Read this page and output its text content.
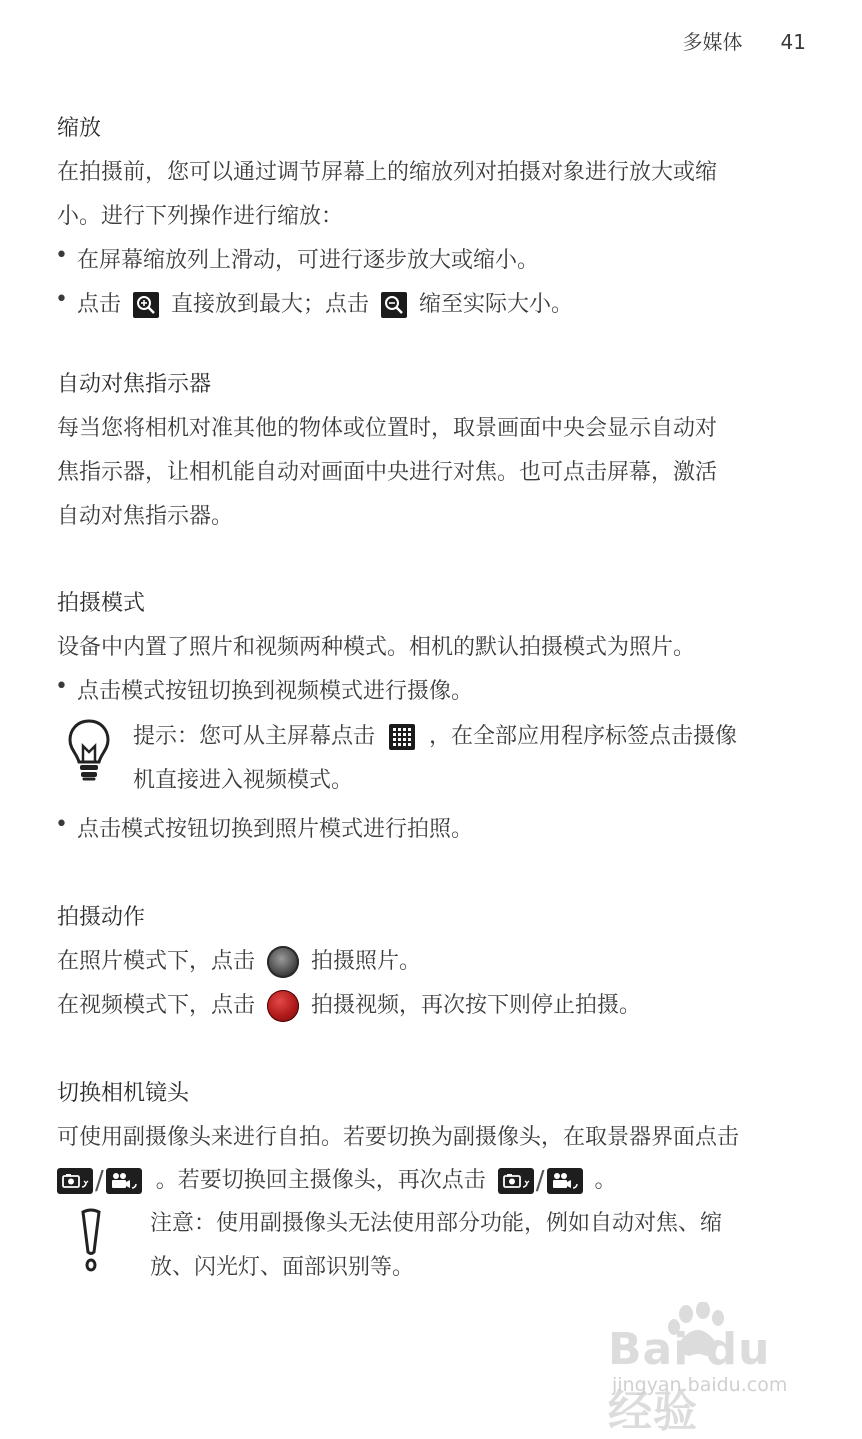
多媒体 41
缩放
在拍摄前，您可以通过调节屏幕上的缩放列对拍摄对象进行放大或缩
小。进行下列操作进行缩放：
• 在屏幕缩放列上滑动，可进行逐步放大或缩小。
• 点击 直接放到最大；点击 缩至实际大小。
自动对焦指示器
每当您将相机对准其他的物体或位置时，取景画面中央会显示自动对
焦指示器，让相机能自动对画面中央进行对焦。也可点击屏幕，激活
自动对焦指示器。
拍摄模式
设备中内置了照片和视频两种模式。相机的默认拍摄模式为照片。
• 点击模式按钮切换到视频模式进行摄像。
提示：您可从主屏幕点击 ，在全部应用程序标签点击摄像
机直接进入视频模式。
• 点击模式按钮切换到照片模式进行拍照。
拍摄动作
在照片模式下，点击	拍摄照片。
在视频模式下，点击	拍摄视频，再次按下则停止拍摄。
切换相机镜头
可使用副摄像头来进行自拍。若要切换为副摄像头，在取景器界面点击
/ 。若要切换回主摄像头，再次点击 / 。
注意：使用副摄像头无法使用部分功能，例如自动对焦、缩
放、闪光灯、面部识别等。
Bai du 经验
jingyan.baidu.com
